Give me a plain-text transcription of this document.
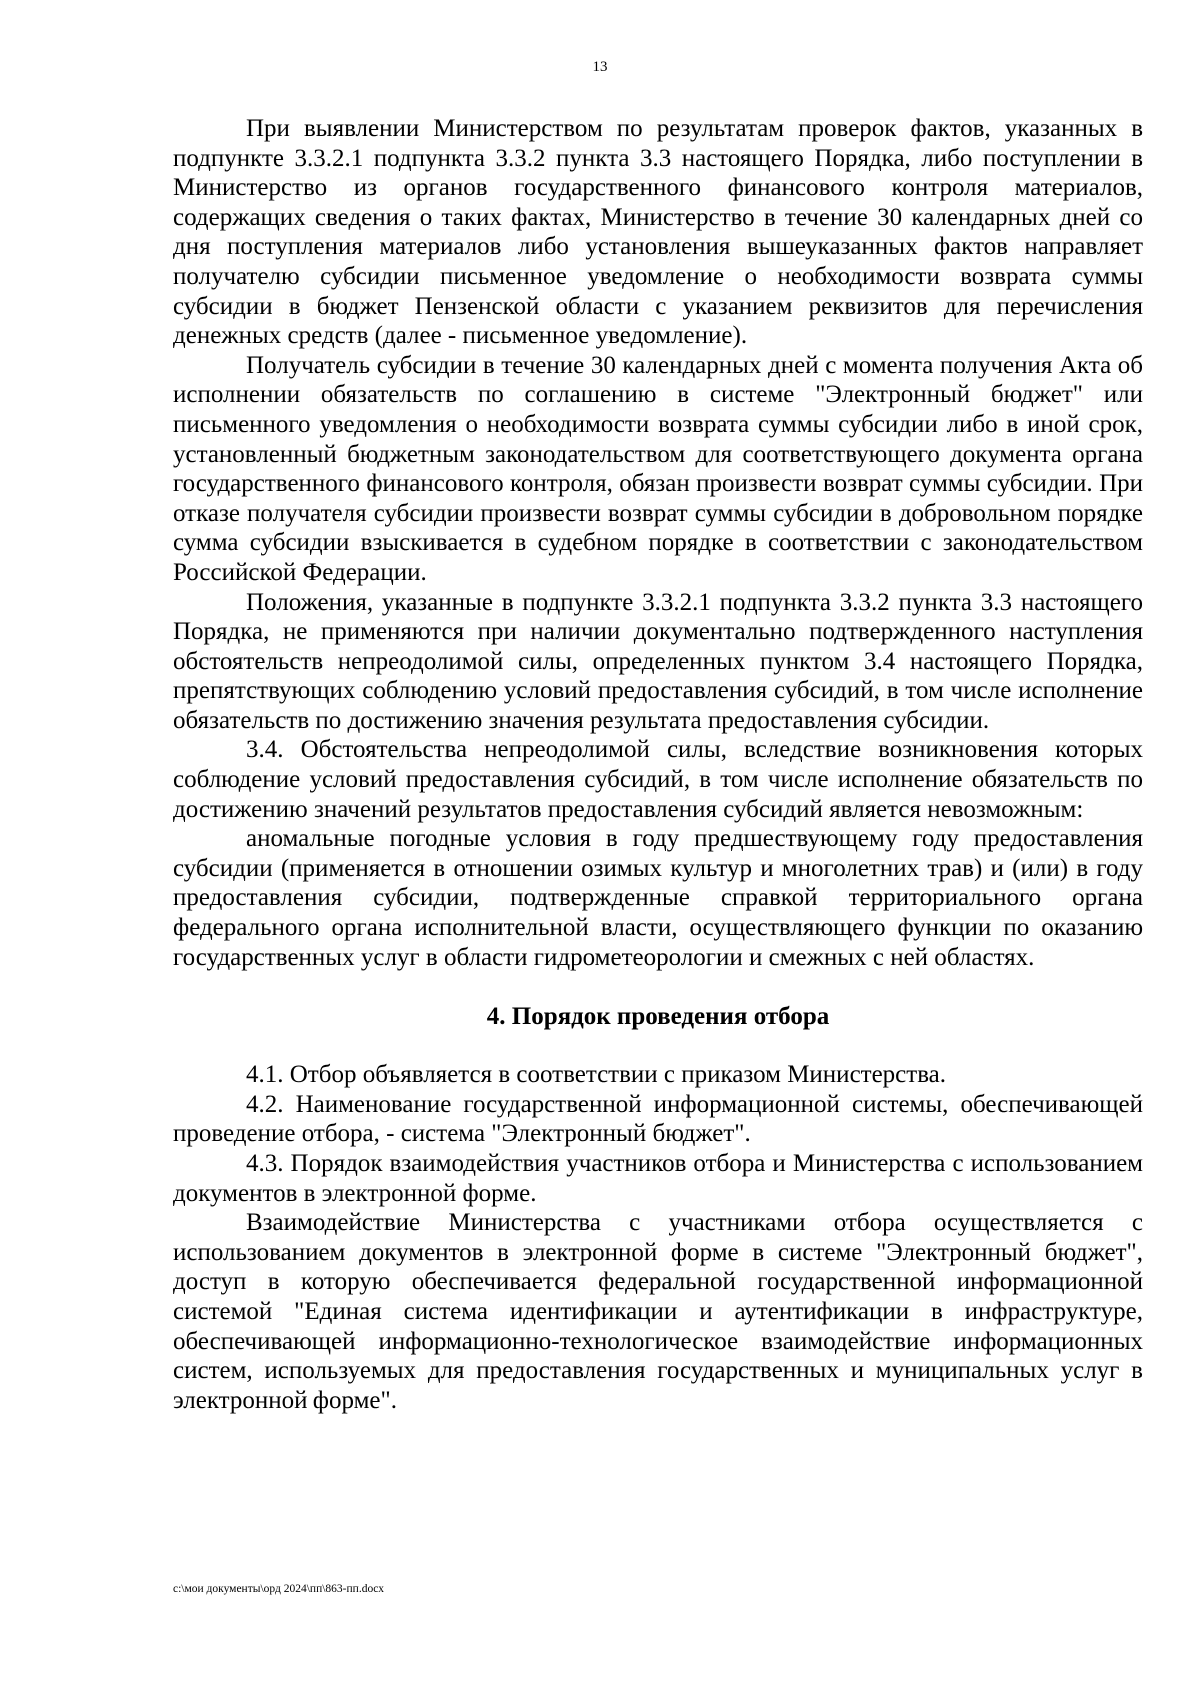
13

При выявлении Министерством по результатам проверок фактов, указанных в подпункте 3.3.2.1 подпункта 3.3.2 пункта 3.3 настоящего Порядка, либо поступлении в Министерство из органов государственного финансового контроля материалов, содержащих сведения о таких фактах, Министерство в течение 30 календарных дней со дня поступления материалов либо установления вышеуказанных фактов направляет получателю субсидии письменное уведомление о необходимости возврата суммы субсидии в бюджет Пензенской области с указанием реквизитов для перечисления денежных средств (далее - письменное уведомление).

Получатель субсидии в течение 30 календарных дней с момента получения Акта об исполнении обязательств по соглашению в системе "Электронный бюджет" или письменного уведомления о необходимости возврата суммы субсидии либо в иной срок, установленный бюджетным законодательством для соответствующего документа органа государственного финансового контроля, обязан произвести возврат суммы субсидии. При отказе получателя субсидии произвести возврат суммы субсидии в добровольном порядке сумма субсидии взыскивается в судебном порядке в соответствии с законодательством Российской Федерации.

Положения, указанные в подпункте 3.3.2.1 подпункта 3.3.2 пункта 3.3 настоящего Порядка, не применяются при наличии документально подтвержденного наступления обстоятельств непреодолимой силы, определенных пунктом 3.4 настоящего Порядка, препятствующих соблюдению условий предоставления субсидий, в том числе исполнение обязательств по достижению значения результата предоставления субсидии.

3.4. Обстоятельства непреодолимой силы, вследствие возникновения которых соблюдение условий предоставления субсидий, в том числе исполнение обязательств по достижению значений результатов предоставления субсидий является невозможным:

аномальные погодные условия в году предшествующему году предоставления субсидии (применяется в отношении озимых культур и многолетних трав) и (или) в году предоставления субсидии, подтвержденные справкой территориального органа федерального органа исполнительной власти, осуществляющего функции по оказанию государственных услуг в области гидрометеорологии и смежных с ней областях.

4. Порядок проведения отбора

4.1. Отбор объявляется в соответствии с приказом Министерства.

4.2. Наименование государственной информационной системы, обеспечивающей проведение отбора, - система "Электронный бюджет".

4.3. Порядок взаимодействия участников отбора и Министерства с использованием документов в электронной форме.

Взаимодействие Министерства с участниками отбора осуществляется с использованием документов в электронной форме в системе "Электронный бюджет", доступ в которую обеспечивается федеральной государственной информационной системой "Единая система идентификации и аутентификации в инфраструктуре, обеспечивающей информационно-технологическое взаимодействие информационных систем, используемых для предоставления государственных и муниципальных услуг в электронной форме".

c:\мои документы\орд 2024\пп\863-пп.docx
